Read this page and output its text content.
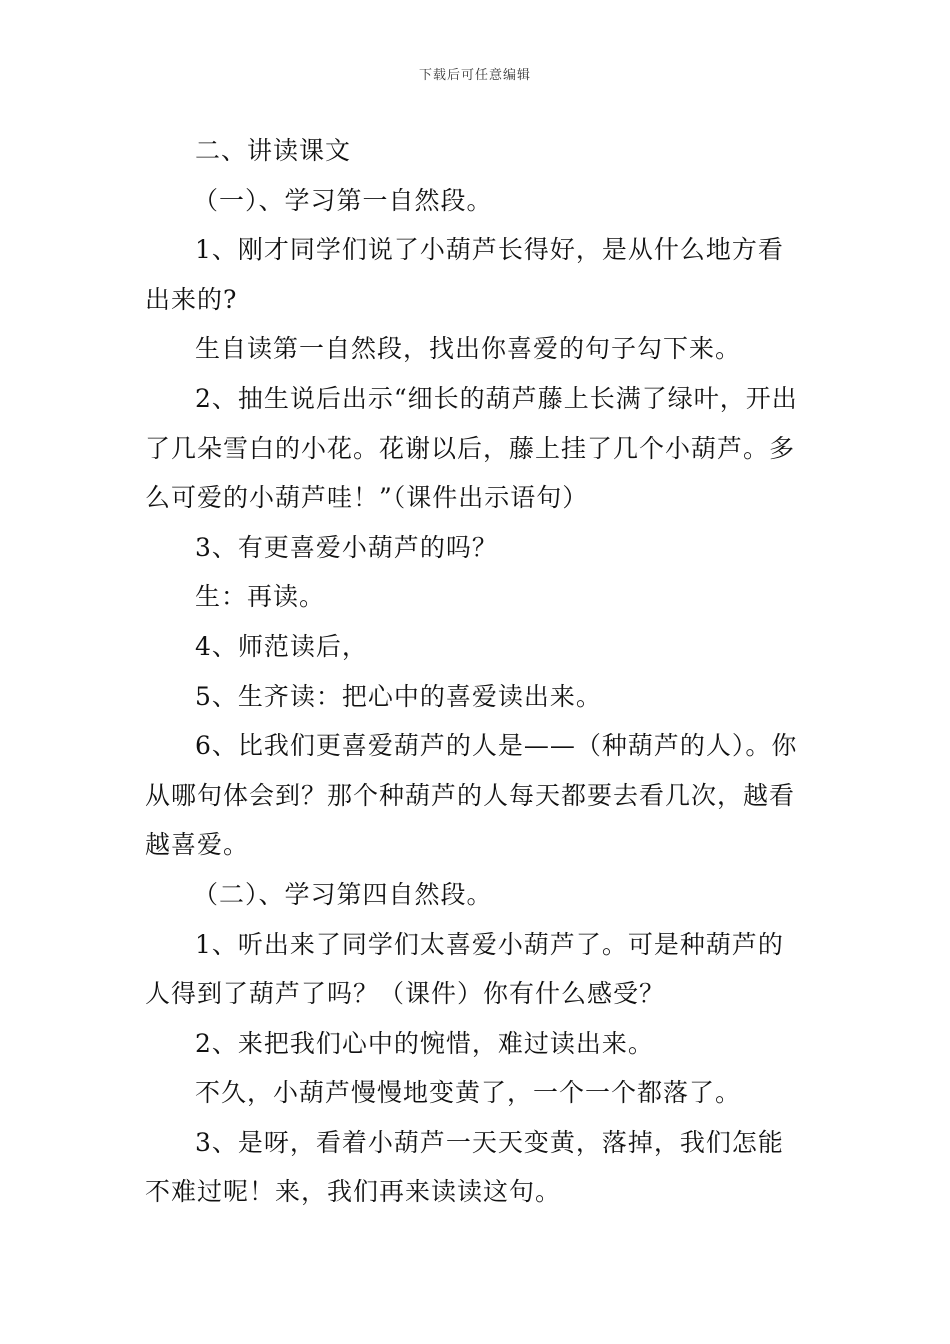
下载后可任意编辑

二、讲读课文

（一）、学习第一自然段。

1、刚才同学们说了小葫芦长得好，是从什么地方看出来的?

生自读第一自然段，找出你喜爱的句子勾下来。

2、抽生说后出示“细长的葫芦藤上长满了绿叶，开出了几朵雪白的小花。花谢以后，藤上挂了几个小葫芦。多么可爱的小葫芦哇！”（课件出示语句）

3、有更喜爱小葫芦的吗？

生：再读。

4、师范读后，

5、生齐读：把心中的喜爱读出来。

6、比我们更喜爱葫芦的人是——（种葫芦的人）。你从哪句体会到？那个种葫芦的人每天都要去看几次，越看越喜爱。

（二）、学习第四自然段。

1、听出来了同学们太喜爱小葫芦了。可是种葫芦的人得到了葫芦了吗？（课件）你有什么感受？

2、来把我们心中的惋惜，难过读出来。

不久，小葫芦慢慢地变黄了，一个一个都落了。

3、是呀，看着小葫芦一天天变黄，落掉，我们怎能不难过呢！来，我们再来读读这句。
